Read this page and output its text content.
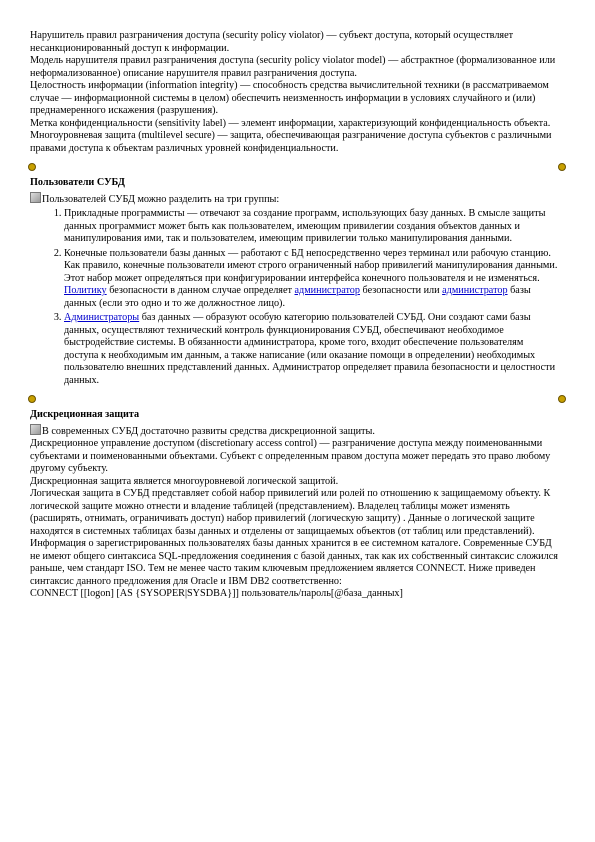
Нарушитель правил разграничения доступа (security policy violator) — субъект доступа, который осуществляет несанкционированный доступ к информации.

Модель нарушителя правил разграничения доступа (security policy violator model) — абстрактное (формализованное или неформализованное) описание нарушителя правил разграничения доступа.

Целостность информации (information integrity) — способность средства вычислительной техники (в рассматриваемом случае — информационной системы в целом) обеспечить неизменность информации в условиях случайного и (или) преднамеренного искажения (разрушения).

Метка конфиденциальности (sensitivity label) — элемент информации, характеризующий конфиденциальность объекта.

Многоуровневая защита (multilevel secure) — защита, обеспечивающая разграничение доступа субъектов с различными правами доступа к объектам различных уровней конфиденциальности.

Пользователи СУБД

Пользователей СУБД можно разделить на три группы:

1. Прикладные программисты — отвечают за создание программ, использующих базу данных. В смысле защиты данных программист может быть как пользователем, имеющим привилегии создания объектов данных и манипулирования ими, так и пользователем, имеющим привилегии только манипулирования данными.
2. Конечные пользователи базы данных — работают с БД непосредственно через терминал или рабочую станцию. Как правило, конечные пользователи имеют строго ограниченный набор привилегий манипулирования данными. Этот набор может определяться при конфигурировании интерфейса конечного пользователя и не изменяться. Политику безопасности в данном случае определяет администратор безопасности или администратор базы данных (если это одно и то же должностное лицо).
3. Администраторы баз данных — образуют особую категорию пользователей СУБД. Они создают сами базы данных, осуществляют технический контроль функционирования СУБД, обеспечивают необходимое быстродействие системы. В обязанности администратора, кроме того, входит обеспечение пользователям доступа к необходимым им данным, а также написание (или оказание помощи в определении) необходимых пользователю внешних представлений данных. Администратор определяет правила безопасности и целостности данных.
Дискреционная защита

В современных СУБД достаточно развиты средства дискреционной защиты.

Дискреционное управление доступом (discretionary access control) — разграничение доступа между поименованными субъектами и поименованными объектами. Субъект с определенным правом доступа может передать это право любому другому субъекту.

Дискреционная защита является многоуровневой логической защитой.

Логическая защита в СУБД представляет собой набор привилегий или ролей по отношению к защищаемому объекту. К логической защите можно отнести и владение таблицей (представлением). Владелец таблицы может изменять (расширять, отнимать, ограничивать доступ) набор привилегий (логическую защиту) . Данные о логической защите находятся в системных таблицах базы данных и отделены от защищаемых объектов (от таблиц или представлений).

Информация о зарегистрированных пользователях базы данных хранится в ее системном каталоге. Современные СУБД не имеют общего синтаксиса SQL-предложения соединения с базой данных, так как их собственный синтаксис сложился раньше, чем стандарт ISO. Тем не менее часто таким ключевым предложением является CONNECT. Ниже приведен синтаксис данного предложения для Oracle и IBM DB2 соответственно:

CONNECT [[logon] [AS {SYSOPER|SYSDBA}]] пользователь/пароль[@база_данных]
